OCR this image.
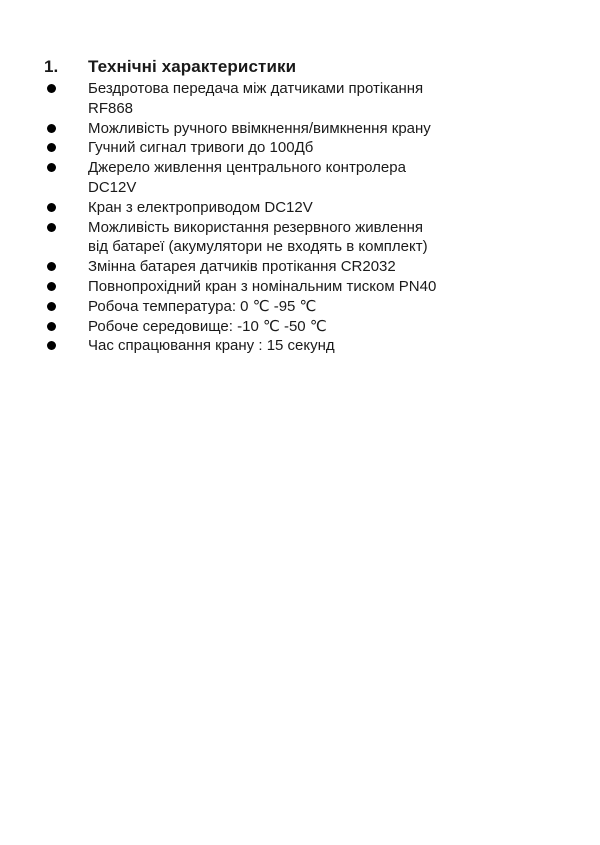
1.	Технічні характеристики
Бездротова передача між датчиками протікання
RF868
Можливість ручного ввімкнення/вимкнення крану
Гучний сигнал тривоги до 100Дб
Джерело живлення центрального контролера
DC12V
Кран з електроприводом DC12V
Можливість використання резервного живлення
від батареї (акумулятори не входять в комплект)
Змінна батарея датчиків протікання CR2032
Повнопрохідний кран з номінальним тиском PN40
Робоча температура: 0 ℃ -95 ℃
Робоче середовище: -10 ℃ -50 ℃
Час спрацювання крану : 15 секунд
